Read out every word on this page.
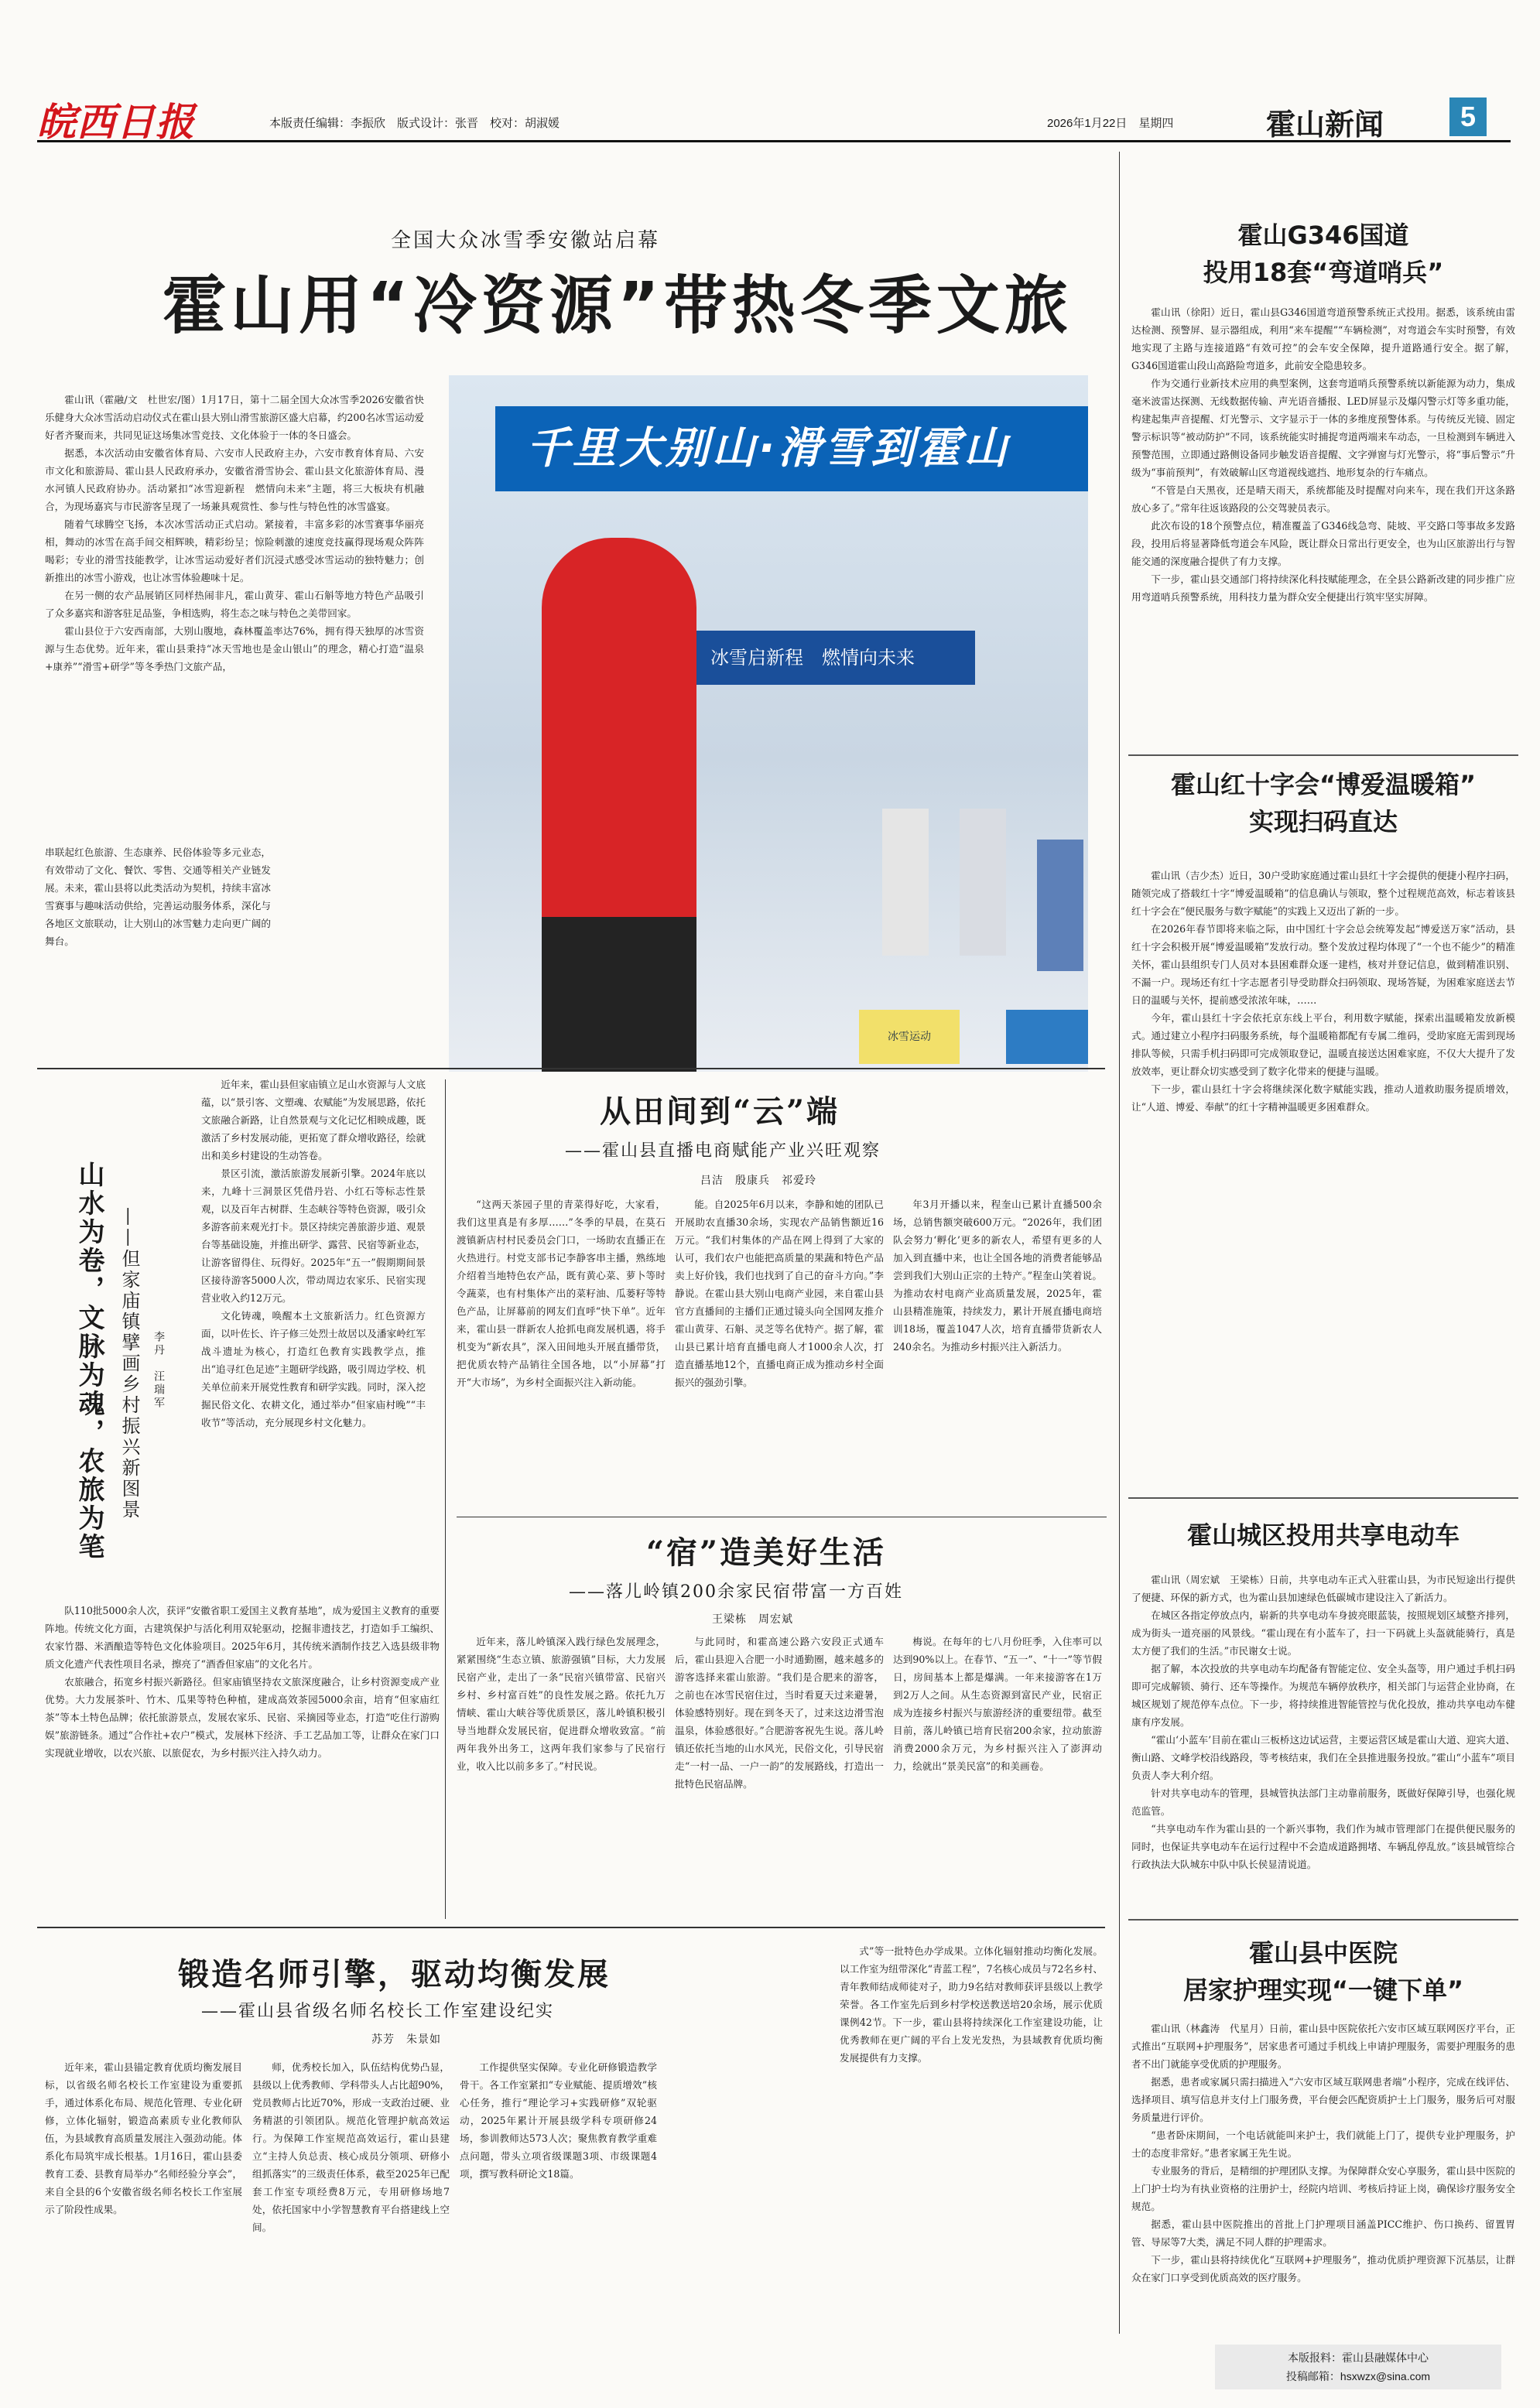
皖西日报	本版责任编辑：李振欣　版式设计：张晋　校对：胡淑媛	2026年1月22日　星期四	霍山新闻	5
全国大众冰雪季安徽站启幕
霍山用“冷资源”带热冬季文旅

霍山讯（霍融/文　杜世宏/图）1月17日，第十二届全国大众冰雪季2026安徽省快乐健身大众冰雪活动启动仪式在霍山县大别山滑雪旅游区盛大启幕，约200名冰雪运动爱好者齐聚而来，共同见证这场集冰雪竞技、文化体验于一体的冬日盛会。

据悉，本次活动由安徽省体育局、六安市人民政府主办，六安市教育体育局、六安市文化和旅游局、霍山县人民政府承办，安徽省滑雪协会、霍山县文化旅游体育局、漫水河镇人民政府协办。活动紧扣“冰雪迎新程　燃情向未来”主题，将三大板块有机融合，为现场嘉宾与市民游客呈现了一场兼具观赏性、参与性与特色性的冰雪盛宴。

随着气球腾空飞扬，本次冰雪活动正式启动。紧接着，丰富多彩的冰雪赛事华丽亮相，舞动的冰雪在高手间交相辉映，精彩纷呈；惊险刺激的速度竞技赢得现场观众阵阵喝彩；专业的滑雪技能教学，让冰雪运动爱好者们沉浸式感受冰雪运动的独特魅力；创新推出的冰雪小游戏，也让冰雪体验趣味十足。

在另一侧的农产品展销区同样热闹非凡，霍山黄芽、霍山石斛等地方特色产品吸引了众多嘉宾和游客驻足品鉴，争相选购，将生态之味与特色之美带回家。

霍山县位于六安西南部，大别山腹地，森林覆盖率达76%，拥有得天独厚的冰雪资源与生态优势。近年来，霍山县秉持“冰天雪地也是金山银山”的理念，精心打造“温泉+康养”“滑雪+研学”等冬季热门文旅产品，

千里大别山·滑雪到霍山
冰雪启新程　燃情向未来
冰雪运动

串联起红色旅游、生态康养、民俗体验等多元业态，有效带动了文化、餐饮、零售、交通等相关产业链发展。未来，霍山县将以此类活动为契机，持续丰富冰雪赛事与趣味活动供给，完善运动服务体系，深化与各地区文旅联动，让大别山的冰雪魅力走向更广阔的舞台。

山水为卷，文脉为魂，农旅为笔 ——但家庙镇擘画乡村振兴新图景 李丹　汪瑞军

近年来，霍山县但家庙镇立足山水资源与人文底蕴，以“景引客、文塑魂、农赋能”为发展思路，依托文旅融合新路，让自然景观与文化记忆相映成趣，既激活了乡村发展动能，更拓宽了群众增收路径，绘就出和美乡村建设的生动答卷。

景区引流，激活旅游发展新引擎。2024年底以来，九峰十三洞景区凭借丹岩、小红石等标志性景观，以及百年古树群、生态峡谷等特色资源，吸引众多游客前来观光打卡。景区持续完善旅游步道、观景台等基础设施，并推出研学、露营、民宿等新业态，让游客留得住、玩得好。2025年“五一”假期期间景区接待游客5000人次，带动周边农家乐、民宿实现营业收入约12万元。

文化铸魂，唤醒本土文旅新活力。红色资源方面，以叶佐长、许子修三处烈士故居以及潘家岭红军战斗遗址为核心，打造红色教育实践教学点，推出“追寻红色足迹”主题研学线路，吸引周边学校、机关单位前来开展党性教育和研学实践。同时，深入挖掘民俗文化、农耕文化，通过举办“但家庙村晚”“丰收节”等活动，充分展现乡村文化魅力。

队110批5000余人次，获评“安徽省职工爱国主义教育基地”，成为爱国主义教育的重要阵地。传统文化方面，古建筑保护与活化利用双轮驱动，挖掘非遗技艺，打造如手工编织、农家竹器、米酒酿造等特色文化体验项目。2025年6月，其传统米酒制作技艺入选县级非物质文化遗产代表性项目名录，擦亮了“酒香但家庙”的文化名片。

农旅融合，拓宽乡村振兴新路径。但家庙镇坚持农文旅深度融合，让乡村资源变成产业优势。大力发展茶叶、竹木、瓜果等特色种植，建成高效茶园5000余亩，培育“但家庙红茶”等本土特色品牌；依托旅游景点，发展农家乐、民宿、采摘园等业态，打造“吃住行游购娱”旅游链条。通过“合作社+农户”模式，发展林下经济、手工艺品加工等，让群众在家门口实现就业增收，以农兴旅、以旅促农，为乡村振兴注入持久动力。

从田间到“云”端
——霍山县直播电商赋能产业兴旺观察
吕洁　殷康兵　祁爱玲

“这两天茶园子里的青菜得好吃，大家看，我们这里真是有多厚……”冬季的早晨，在莫石渡镇新店村村民委员会门口，一场助农直播正在火热进行。村党支部书记李静客串主播，熟练地介绍着当地特色农产品，既有黄心菜、萝卜等时令蔬菜，也有村集体产出的菜籽油、瓜蒌籽等特色产品，让屏幕前的网友们直呼“快下单”。近年来，霍山县一群新农人抢抓电商发展机遇，将手机变为“新农具”，深入田间地头开展直播带货，把优质农特产品销往全国各地，以“小屏幕”打开“大市场”，为乡村全面振兴注入新动能。

能。自2025年6月以来，李静和她的团队已开展助农直播30余场，实现农产品销售额近16万元。“我们村集体的产品在网上得到了大家的认可，我们农户也能把高质量的果蔬和特色产品卖上好价钱，我们也找到了自己的奋斗方向。”李静说。在霍山县大别山电商产业园，来自霍山县官方直播间的主播们正通过镜头向全国网友推介霍山黄芽、石斛、灵芝等名优特产。据了解，霍山县已累计培育直播电商人才1000余人次，打造直播基地12个，直播电商正成为推动乡村全面振兴的强劲引擎。

年3月开播以来，程奎山已累计直播500余场，总销售额突破600万元。“2026年，我们团队会努力‘孵化’更多的新农人，希望有更多的人加入到直播中来，也让全国各地的消费者能够品尝到我们大别山正宗的土特产。”程奎山笑着说。为推动农村电商产业高质量发展，2025年，霍山县精准施策，持续发力，累计开展直播电商培训18场，覆盖1047人次，培育直播带货新农人240余名。为推动乡村振兴注入新活力。

“宿”造美好生活
——落儿岭镇200余家民宿带富一方百姓
王梁栋　周宏斌

近年来，落儿岭镇深入践行绿色发展理念，紧紧围绕“生态立镇、旅游强镇”目标，大力发展民宿产业，走出了一条“民宿兴镇带富、民宿兴乡村、乡村富百姓”的良性发展之路。依托九万情峡、霍山大峡谷等优质景区，落儿岭镇积极引导当地群众发展民宿，促进群众增收致富。“前两年我外出务工，这两年我们家参与了民宿行业，收入比以前多多了。”村民说。

与此同时，和霍高速公路六安段正式通车后，霍山县迎入合肥一小时通勤圈，越来越多的游客选择来霍山旅游。“我们是合肥来的游客，之前也在冰雪民宿住过，当时看夏天过来避暑，体验感特别好。现在到冬天了，过来这边滑雪泡温泉，体验感很好。”合肥游客祝先生说。落儿岭镇还依托当地的山水风光，民俗文化，引导民宿走“一村一品、一户一韵”的发展路线，打造出一批特色民宿品牌。

梅说。在每年的七八月份旺季，入住率可以达到90%以上。在春节、“五一”、“十一”等节假日，房间基本上都是爆满。一年来接游客在1万到2万人之间。从生态资源到富民产业，民宿正成为连接乡村振兴与旅游经济的重要纽带。截至目前，落儿岭镇已培育民宿200余家，拉动旅游消费2000余万元，为乡村振兴注入了澎湃动力，绘就出“景美民富”的和美画卷。

锻造名师引擎，驱动均衡发展
——霍山县省级名师名校长工作室建设纪实
苏芳　朱景如

近年来，霍山县锚定教育优质均衡发展目标，以省级名师名校长工作室建设为重要抓手，通过体系化布局、规范化管理、专业化研修，立体化辐射，锻造高素质专业化教师队伍，为县域教育高质量发展注入强劲动能。体系化布局筑牢成长根基。1月16日，霍山县委教育工委、县教育局举办“名师经验分享会”，来自全县的6个安徽省级名师名校长工作室展示了阶段性成果。

师，优秀校长加入，队伍结构优势凸显，县级以上优秀教师、学科带头人占比超90%，党员教师占比近70%，形成一支政治过硬、业务精湛的引领团队。规范化管理护航高效运行。为保障工作室规范高效运行，霍山县建立“主持人负总责、核心成员分领项、研修小组抓落实”的三级责任体系，截至2025年已配套工作室专项经费8万元，专用研修场地7处，依托国家中小学智慧教育平台搭建线上空间。

工作提供坚实保障。专业化研修锻造教学骨干。各工作室紧扣“专业赋能、提质增效”核心任务，推行“理论学习+实践研修”双轮驱动，2025年累计开展县级学科专项研修24场，参训教师达573人次；聚焦教育教学重难点问题，带头立项省级课题3项、市级课题4项，撰写教科研论文18篇。

式”等一批特色办学成果。立体化辐射推动均衡化发展。以工作室为纽带深化“青蓝工程”，7名核心成员与72名乡村、青年教师结成师徒对子，助力9名结对教师获评县级以上教学荣誉。各工作室先后到乡村学校送教送培20余场，展示优质课例42节。下一步，霍山县将持续深化工作室建设功能，让优秀教师在更广阔的平台上发光发热，为县域教育优质均衡发展提供有力支撑。

霍山G346国道
投用18套“弯道哨兵”

霍山讯（徐阳）近日，霍山县G346国道弯道预警系统正式投用。据悉，该系统由雷达检测、预警屏、显示器组成，利用“来车提醒”“车辆检测”，对弯道会车实时预警，有效地实现了主路与连接道路“有效可控”的会车安全保障，提升道路通行安全。据了解，G346国道霍山段山高路险弯道多，此前安全隐患较多。

作为交通行业新技术应用的典型案例，这套弯道哨兵预警系统以新能源为动力，集成毫米波雷达探测、无线数据传输、声光语音播报、LED屏显示及爆闪警示灯等多重功能，构建起集声音提醒、灯光警示、文字显示于一体的多维度预警体系。与传统反光镜、固定警示标识等“被动防护”不同，该系统能实时捕捉弯道两端来车动态，一旦检测到车辆进入预警范围，立即通过路侧设备同步触发语音提醒、文字弹窗与灯光警示，将“事后警示”升级为“事前预判”，有效破解山区弯道视线遮挡、地形复杂的行车痛点。

“不管是白天黑夜，还是晴天雨天，系统都能及时提醒对向来车，现在我们开这条路放心多了。”常年往返该路段的公交驾驶员表示。

此次布设的18个预警点位，精准覆盖了G346线急弯、陡坡、平交路口等事故多发路段，投用后将显著降低弯道会车风险，既让群众日常出行更安全，也为山区旅游出行与智能交通的深度融合提供了有力支撑。

下一步，霍山县交通部门将持续深化科技赋能理念，在全县公路新改建的同步推广应用弯道哨兵预警系统，用科技力量为群众安全便捷出行筑牢坚实屏障。

霍山红十字会“博爱温暖箱”
实现扫码直达

霍山讯（吉少杰）近日，30户受助家庭通过霍山县红十字会提供的便捷小程序扫码，随领完成了搭载红十字“博爱温暖箱”的信息确认与领取，整个过程规范高效，标志着该县红十字会在“便民服务与数字赋能”的实践上又迈出了新的一步。

在2026年春节即将来临之际，由中国红十字会总会统筹发起“博爱送万家”活动，县红十字会积极开展“博爱温暖箱”发放行动。整个发放过程均体现了“一个也不能少”的精准关怀，霍山县组织专门人员对本县困难群众逐一建档，核对并登记信息，做到精准识别、不漏一户。现场还有红十字志愿者引导受助群众扫码领取、现场答疑，为困难家庭送去节日的温暖与关怀，提前感受浓浓年味，……

今年，霍山县红十字会依托京东线上平台，利用数字赋能，探索出温暖箱发放新模式。通过建立小程序扫码服务系统，每个温暖箱都配有专属二维码，受助家庭无需到现场排队等候，只需手机扫码即可完成领取登记，温暖直接送达困难家庭，不仅大大提升了发放效率，更让群众切实感受到了数字化带来的便捷与温暖。

下一步，霍山县红十字会将继续深化数字赋能实践，推动人道救助服务提质增效，让“人道、博爱、奉献”的红十字精神温暖更多困难群众。

霍山城区投用共享电动车

霍山讯（周宏斌　王梁栋）日前，共享电动车正式入驻霍山县，为市民短途出行提供了便捷、环保的新方式，也为霍山县加速绿色低碳城市建设注入了新活力。

在城区各指定停放点内，崭新的共享电动车身披亮眼蓝装，按照规划区域整齐排列，成为街头一道亮丽的风景线。“霍山现在有小蓝车了，扫一下码就上头盔就能骑行，真是太方便了我们的生活。”市民谢女士说。

据了解，本次投放的共享电动车均配备有智能定位、安全头盔等，用户通过手机扫码即可完成解锁、骑行、还车等操作。为规范车辆停放秩序，相关部门与运营企业协商，在城区规划了规范停车点位。下一步，将持续推进智能管控与优化投放，推动共享电动车健康有序发展。

“霍山‘小蓝车’目前在霍山三板桥这边试运营，主要运营区域是霍山大道、迎宾大道、衡山路、文峰学校沿线路段，等考核结束，我们在全县推进服务投放。”霍山“小蓝车”项目负责人李大利介绍。

针对共享电动车的管理，县城管执法部门主动靠前服务，既做好保障引导，也强化规范监管。

“共享电动车作为霍山县的一个新兴事物，我们作为城市管理部门在提供便民服务的同时，也保证共享电动车在运行过程中不会造成道路拥堵、车辆乱停乱放。”该县城管综合行政执法大队城东中队中队长侯显清说道。

霍山县中医院
居家护理实现“一键下单”

霍山讯（林鑫涛　代星月）日前，霍山县中医院依托六安市区域互联网医疗平台，正式推出“互联网+护理服务”，居家患者可通过手机线上申请护理服务，需要护理服务的患者不出门就能享受优质的护理服务。

据悉，患者或家属只需扫描进入“六安市区域互联网患者端”小程序，完成在线评估、选择项目、填写信息并支付上门服务费，平台便会匹配资质护士上门服务，服务后可对服务质量进行评价。

“患者卧床期间，一个电话就能叫来护士，我们就能上门了，提供专业护理服务，护士的态度非常好。”患者家属王先生说。

专业服务的背后，是精细的护理团队支撑。为保障群众安心享服务，霍山县中医院的上门护士均为有执业资格的注册护士，经院内培训、考核后持证上岗，确保诊疗服务安全规范。

据悉，霍山县中医院推出的首批上门护理项目涵盖PICC维护、伤口换药、留置胃管、导尿等7大类，满足不同人群的护理需求。

下一步，霍山县将持续优化“互联网+护理服务”，推动优质护理资源下沉基层，让群众在家门口享受到优质高效的医疗服务。

本版报料：霍山县融媒体中心
投稿邮箱：hsxwzx@sina.com
